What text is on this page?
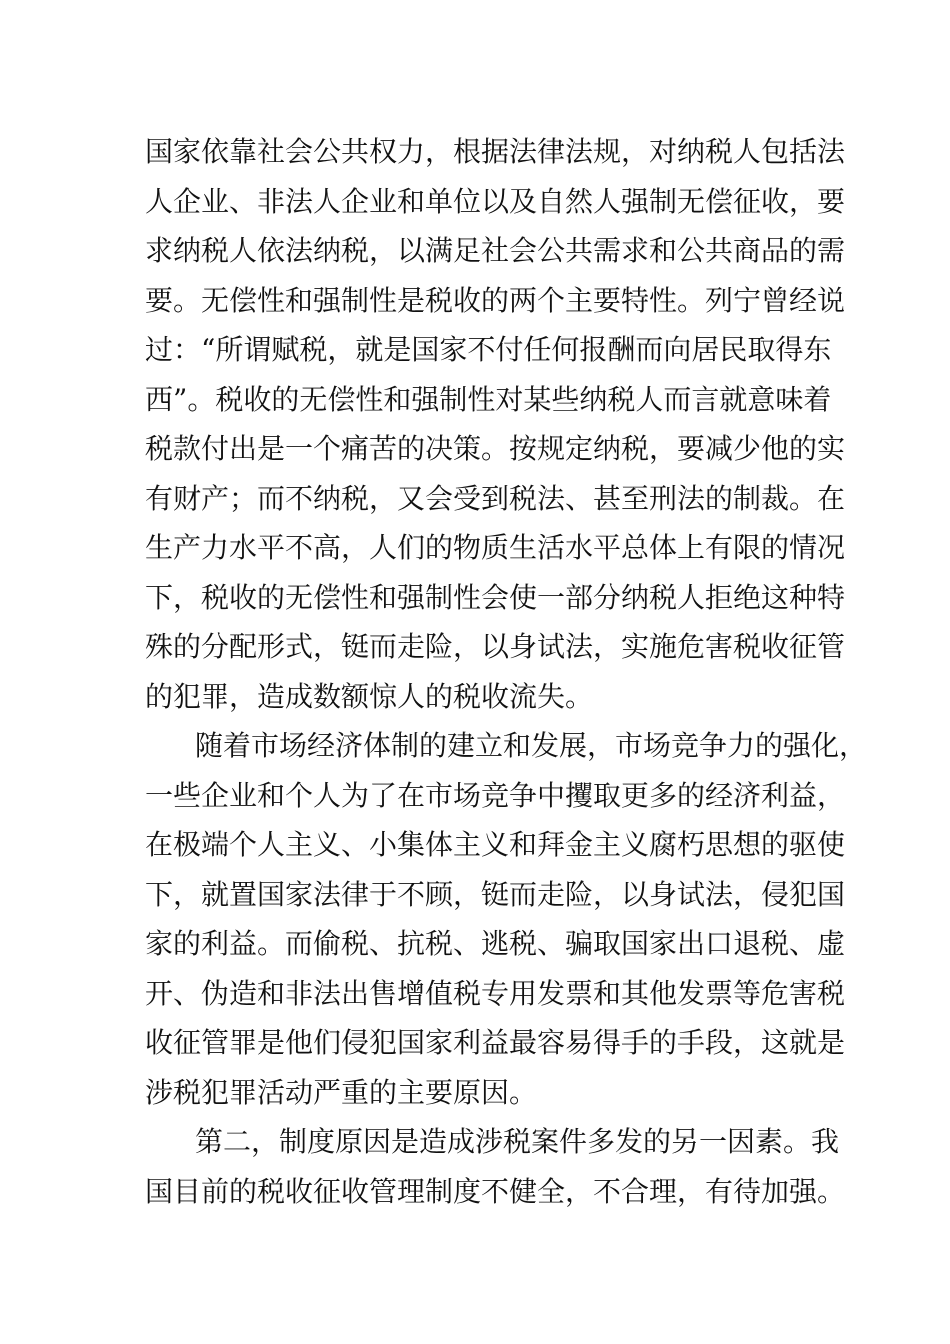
国家依靠社会公共权力，根据法律法规，对纳税人包括法
人企业、非法人企业和单位以及自然人强制无偿征收，要
求纳税人依法纳税，以满足社会公共需求和公共商品的需
要。无偿性和强制性是税收的两个主要特性。列宁曾经说
过：“所谓赋税，就是国家不付任何报酬而向居民取得东
西”。税收的无偿性和强制性对某些纳税人而言就意味着
税款付出是一个痛苦的决策。按规定纳税，要减少他的实
有财产；而不纳税，又会受到税法、甚至刑法的制裁。在
生产力水平不高，人们的物质生活水平总体上有限的情况
下，税收的无偿性和强制性会使一部分纳税人拒绝这种特
殊的分配形式，铤而走险，以身试法，实施危害税收征管
的犯罪，造成数额惊人的税收流失。
随着市场经济体制的建立和发展，市场竞争力的强化，
一些企业和个人为了在市场竞争中攫取更多的经济利益，
在极端个人主义、小集体主义和拜金主义腐朽思想的驱使
下，就置国家法律于不顾，铤而走险，以身试法，侵犯国
家的利益。而偷税、抗税、逃税、骗取国家出口退税、虚
开、伪造和非法出售增值税专用发票和其他发票等危害税
收征管罪是他们侵犯国家利益最容易得手的手段，这就是
涉税犯罪活动严重的主要原因。
第二，制度原因是造成涉税案件多发的另一因素。我
国目前的税收征收管理制度不健全，不合理，有待加强。
